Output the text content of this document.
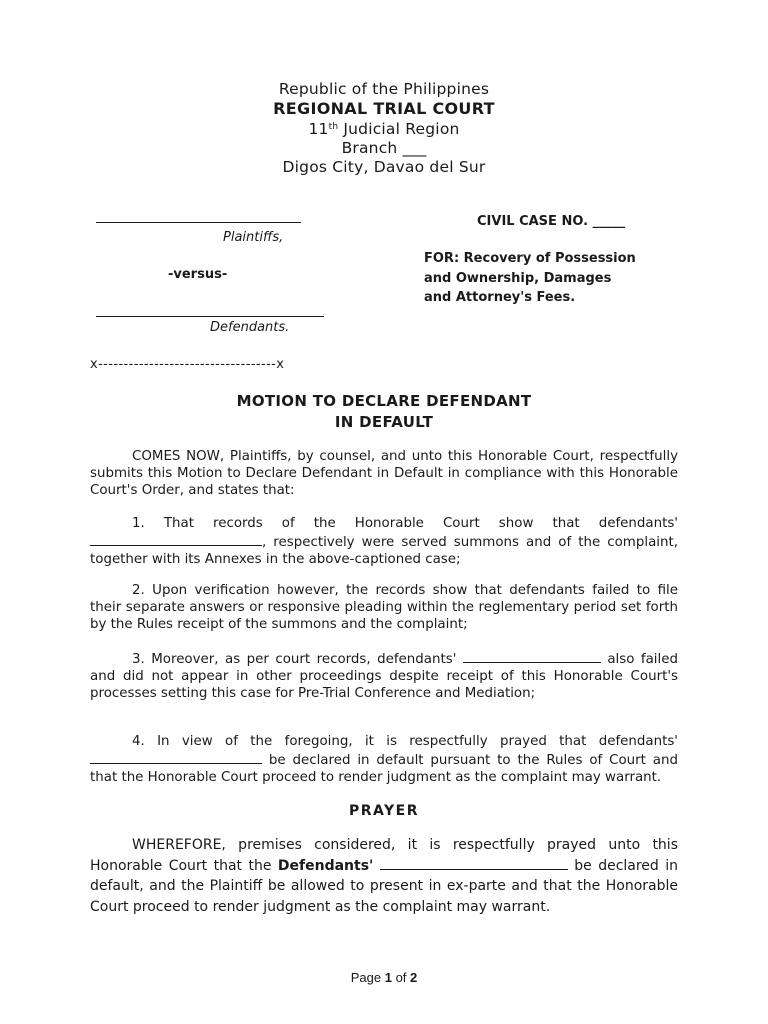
Republic of the Philippines
REGIONAL TRIAL COURT
11th Judicial Region
Branch ___
Digos City, Davao del Sur
Plaintiffs,
-versus-
Defendants.
CIVIL CASE NO. _____
FOR: Recovery of Possession
and Ownership, Damages
and Attorney's Fees.
x-----------------------------------x
MOTION TO DECLARE DEFENDANT
IN DEFAULT

COMES NOW, Plaintiffs, by counsel, and unto this Honorable Court, respectfully submits this Motion to Declare Defendant in Default in compliance with this Honorable Court's Order, and states that:

1. That records of the Honorable Court show that defendants' , respectively were served summons and of the complaint, together with its Annexes in the above-captioned case;

2. Upon verification however, the records show that defendants failed to file their separate answers or responsive pleading within the reglementary period set forth by the Rules receipt of the summons and the complaint;

3. Moreover, as per court records, defendants'	also failed and did not appear in other proceedings despite receipt of this Honorable Court's processes setting this case for Pre-Trial Conference and Mediation;

4. In view of the foregoing, it is respectfully prayed that defendants'  be declared in default pursuant to the Rules of Court and that the Honorable Court proceed to render judgment as the complaint may warrant.

PRAYER
WHEREFORE, premises considered, it is respectfully prayed unto this Honorable Court that the Defendants'	be declared in default, and the Plaintiff be allowed to present in ex-parte and that the Honorable Court proceed to render judgment as the complaint may warrant.
Page 1 of 2
